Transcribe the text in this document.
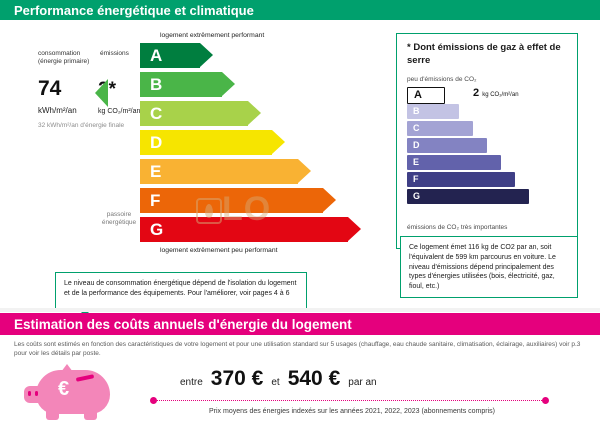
Performance énergétique et climatique
consommation
(énergie primaire)émissions
74 2*
kWh/m²/an	kg CO₂/m²/an
32 kWh/m²/an d'énergie finale
logement extrêmement performant
A
B
C
D
E
F
G
logement extrêmement peu performant
passoire énergétique
* Dont émissions de gaz à effet de serre
peu d'émissions de CO₂
A	2 kg CO₂/m²/an
B
C
D
E
F
G
émissions de CO₂ très importantes
Le niveau de consommation énergétique dépend de l'isolation du logement et de la performance des équipements. Pour l'améliorer, voir pages 4 à 6
Ce logement émet 116 kg de CO2 par an, soit l'équivalent de 599 km parcourus en voiture. Le niveau d'émissions dépend principalement des types d'énergies utilisées (bois, électricité, gaz, fioul, etc.)
LO
Estimation des coûts annuels d'énergie du logement
Les coûts sont estimés en fonction des caractéristiques de votre logement et pour une utilisation standard sur 5 usages (chauffage, eau chaude sanitaire, climatisation, éclairage, auxiliaires) voir p.3 pour voir les détails par poste.
€	entre 370 € et 540 € par an
Prix moyens des énergies indexés sur les années 2021, 2022, 2023 (abonnements compris)
